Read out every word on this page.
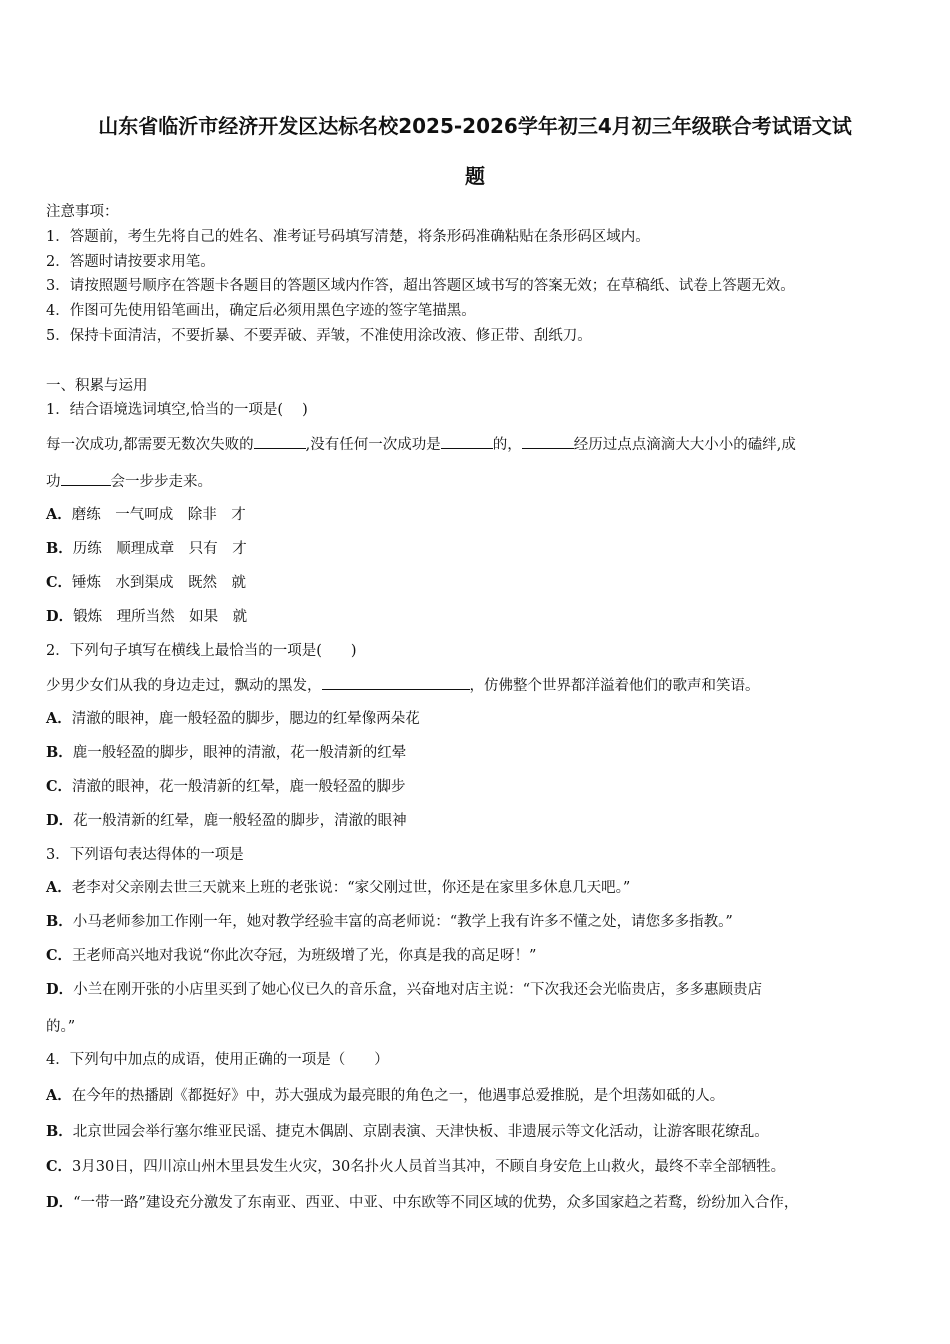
山东省临沂市经济开发区达标名校2025-2026学年初三4月初三年级联合考试语文试
题
注意事项：
1．答题前，考生先将自己的姓名、准考证号码填写清楚，将条形码准确粘贴在条形码区域内。
2．答题时请按要求用笔。
3．请按照题号顺序在答题卡各题目的答题区域内作答，超出答题区域书写的答案无效；在草稿纸、试卷上答题无效。
4．作图可先使用铅笔画出，确定后必须用黑色字迹的签字笔描黑。
5．保持卡面清洁，不要折暴、不要弄破、弄皱，不准使用涂改液、修正带、刮纸刀。
一、积累与运用
1．结合语境选词填空,恰当的一项是(　 )
每一次成功,都需要无数次失败的	,没有任何一次成功是	的，	经历过点点滴滴大大小小的磕绊,成
功	会一步步走来。
A．磨练　一气呵成　除非　才
B．历练　顺理成章　只有　才
C．锤炼　水到渠成　既然　就
D．锻炼　理所当然　如果　就
2．下列句子填写在横线上最恰当的一项是(　　)
少男少女们从我的身边走过，飘动的黑发，	，仿佛整个世界都洋溢着他们的歌声和笑语。
A．清澈的眼神，鹿一般轻盈的脚步，腮边的红晕像两朵花
B．鹿一般轻盈的脚步，眼神的清澈，花一般清新的红晕
C．清澈的眼神，花一般清新的红晕，鹿一般轻盈的脚步
D．花一般清新的红晕，鹿一般轻盈的脚步，清澈的眼神
3．下列语句表达得体的一项是
A．老李对父亲刚去世三天就来上班的老张说：“家父刚过世，你还是在家里多休息几天吧。”
B．小马老师参加工作刚一年，她对教学经验丰富的高老师说：“教学上我有许多不懂之处，请您多多指教。”
C．王老师高兴地对我说“你此次夺冠，为班级增了光，你真是我的高足呀！”
D．小兰在刚开张的小店里买到了她心仪已久的音乐盒，兴奋地对店主说：“下次我还会光临贵店，多多惠顾贵店
的。”
4．下列句中加点的成语，使用正确的一项是（　　）
A．在今年的热播剧《都挺好》中，苏大强成为最亮眼的角色之一，他遇事总爱推脱，是个坦荡如砥的人。
B．北京世园会举行塞尔维亚民谣、捷克木偶剧、京剧表演、天津快板、非遗展示等文化活动，让游客眼花缭乱。
C．3月30日，四川凉山州木里县发生火灾，30名扑火人员首当其冲，不顾自身安危上山救火，最终不幸全部牺牲。
D．“一带一路”建设充分激发了东南亚、西亚、中亚、中东欧等不同区域的优势，众多国家趋之若鹜，纷纷加入合作，
